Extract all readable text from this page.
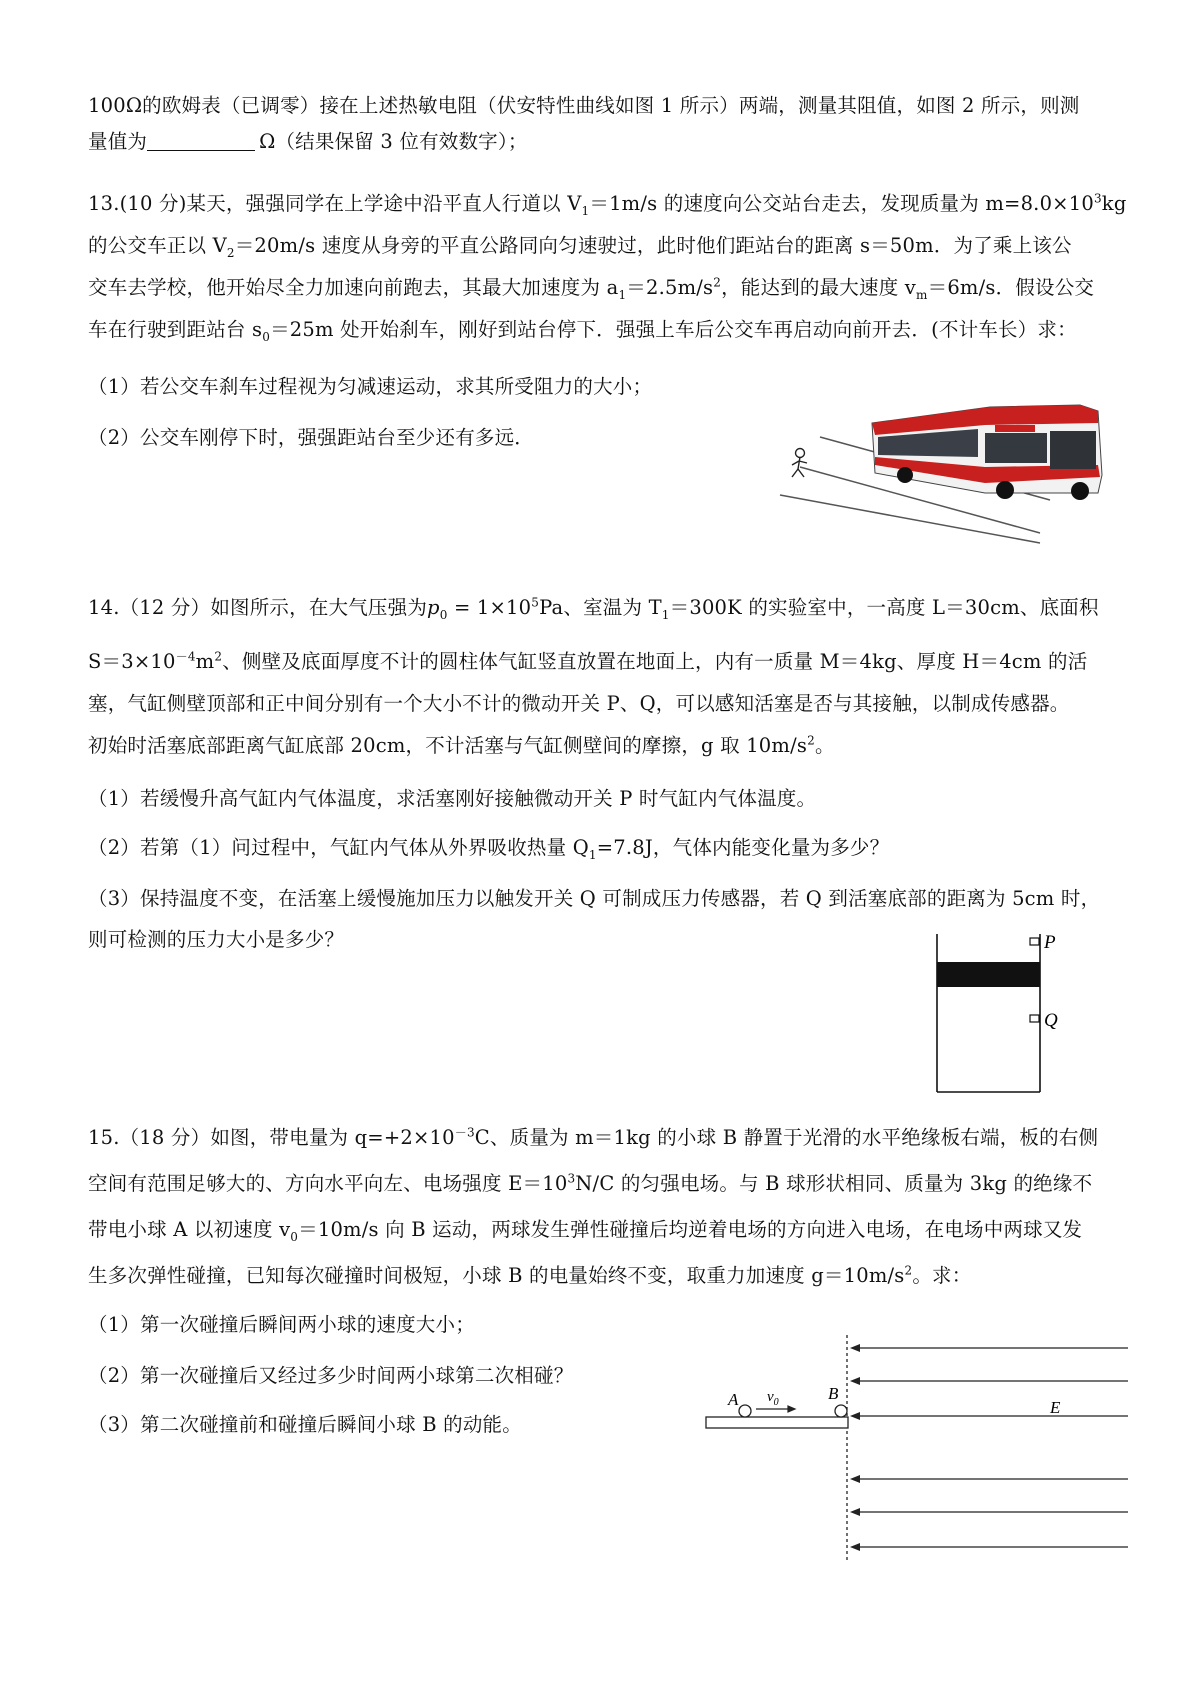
100Ω的欧姆表（已调零）接在上述热敏电阻（伏安特性曲线如图 1 所示）两端，测量其阻值，如图 2 所示，则测
量值为	Ω（结果保留 3 位有效数字）；
13.(10 分)某天，强强同学在上学途中沿平直人行道以 $V_1=1m/s$ 的速度向公交站台走去，发现质量为 $m=8.0\times 10^3kg$
的公交车正以 $V_2=20m/s$ 速度从身旁的平直公路同向匀速驶过，此时他们距站台的距离 s＝50m．为了乘上该公
交车去学校，他开始尽全力加速向前跑去，其最大加速度为 $a_1=2.5m/s^2$，能达到的最大速度 $v_m=6m/s$．假设公交
车在行驶到距站台 $s_0=25m$ 处开始刹车，刚好到站台停下．强强上车后公交车再启动向前开去．(不计车长）求：
（1）若公交车刹车过程视为匀减速运动，求其所受阻力的大小；
（2）公交车刚停下时，强强距站台至少还有多远．
14.（12 分）如图所示，在大气压强为$p_0 = 1\times 10^5Pa$、室温为 $T_1=300K$ 的实验室中，一高度 L＝30cm、底面积
$S=3\times 10^{-4}m^2$、侧壁及底面厚度不计的圆柱体气缸竖直放置在地面上，内有一质量 M＝4kg、厚度 H＝4cm 的活
塞，气缸侧壁顶部和正中间分别有一个大小不计的微动开关 P、Q，可以感知活塞是否与其接触，以制成传感器。
初始时活塞底部距离气缸底部 20cm，不计活塞与气缸侧壁间的摩擦，g 取 $10m/s^2$。
（1）若缓慢升高气缸内气体温度，求活塞刚好接触微动开关 P 时气缸内气体温度。
（2）若第（1）问过程中，气缸内气体从外界吸收热量 $Q_1=7.8J$，气体内能变化量为多少？
（3）保持温度不变，在活塞上缓慢施加压力以触发开关 Q 可制成压力传感器，若 Q 到活塞底部的距离为 5cm 时，
则可检测的压力大小是多少？	P
Q
15.（18 分）如图，带电量为 $q=+2\times 10^{-3}C$、质量为 m＝1kg 的小球 B 静置于光滑的水平绝缘板右端，板的右侧
空间有范围足够大的、方向水平向左、电场强度 $E=10^3N/C$ 的匀强电场。与 B 球形状相同、质量为 3kg 的绝缘不
带电小球 A 以初速度 $v_0=10m/s$ 向 B 运动，两球发生弹性碰撞后均逆着电场的方向进入电场，在电场中两球又发
生多次弹性碰撞，已知每次碰撞时间极短，小球 B 的电量始终不变，取重力加速度 $g=10m/s^2$。求：
（1）第一次碰撞后瞬间两小球的速度大小；
（2）第一次碰撞后又经过多少时间两小球第二次相碰？
（3）第二次碰撞前和碰撞后瞬间小球 B 的动能。
A $v_0$	B
E
